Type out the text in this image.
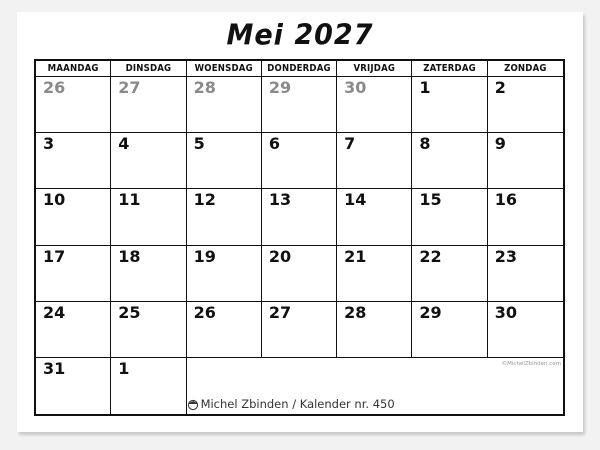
Mei 2027
MAANDAG	DINSDAG	WOENSDAG	DONDERDAG	VRIJDAG	ZATERDAG	ZONDAG
26	27	28	29	30	1	2
3	4	5	6	7	8	9
10	11	12	13	14	15	16
17	18	19	20	21	22	23
24	25	26	27	28	29	30
31	1	©MichelZbinden.com
Michel Zbinden / Kalender nr. 450
